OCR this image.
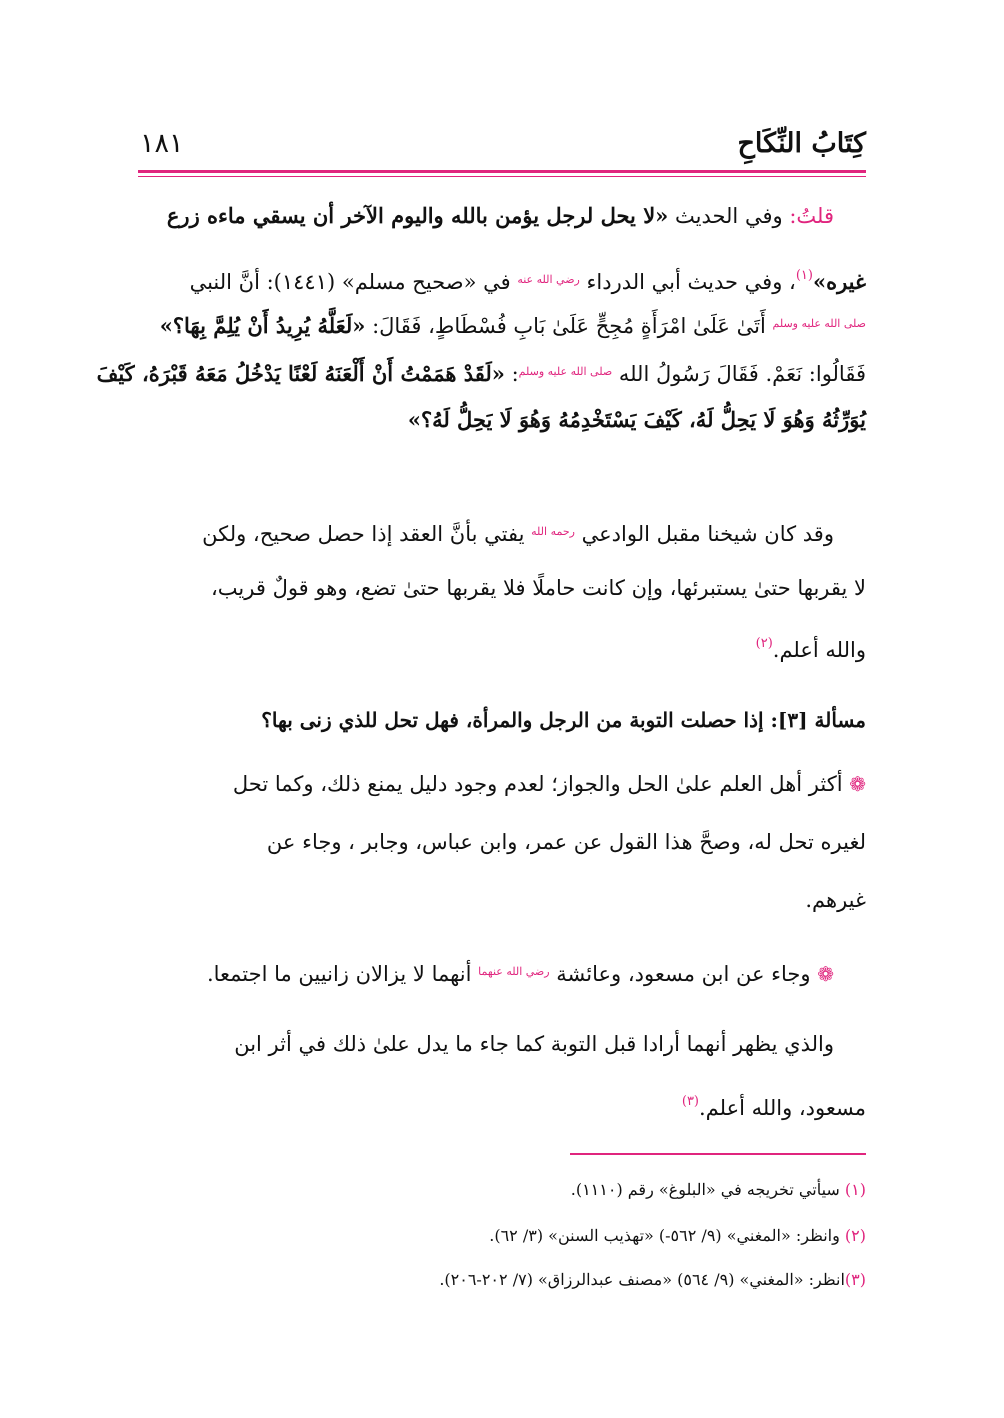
كِتَابُ النِّكَاحِ
١٨١
قلتُ: وفي الحديث «لا يحل لرجل يؤمن بالله واليوم الآخر أن يسقي ماءه زرع
غيره»$^{(١)}$، وفي حديث أبي الدرداء $^{رضي الله عنه}$ في «صحيح مسلم» (١٤٤١): أنَّ النبي
$^{صلى الله عليه وسلم}$ أَتَىٰ عَلَىٰ امْرَأَةٍ مُجِحٍّ عَلَىٰ بَابِ فُسْطَاطٍ، فَقَالَ: «لَعَلَّهُ يُرِيدُ أَنْ يُلِمَّ بِهَا؟»
فَقَالُوا: نَعَمْ. فَقَالَ رَسُولُ الله $^{صلى الله عليه وسلم}$: «لَقَدْ هَمَمْتُ أَنْ أَلْعَنَهُ لَعْنًا يَدْخُلُ مَعَهُ قَبْرَهُ، كَيْفَ
يُوَرِّثُهُ وَهُوَ لَا يَحِلُّ لَهُ، كَيْفَ يَسْتَخْدِمُهُ وَهُوَ لَا يَحِلُّ لَهُ؟»
وقد كان شيخنا مقبل الوادعي $^{رحمه الله}$ يفتي بأنَّ العقد إذا حصل صحيح، ولكن
لا يقربها حتىٰ يستبرئها، وإن كانت حاملًا فلا يقربها حتىٰ تضع، وهو قولٌ قريب،
والله أعلم.$^{(٢)}$
مسألة [٣]: إذا حصلت التوبة من الرجل والمرأة، فهل تحل للذي زنى بها؟
❁ أكثر أهل العلم علىٰ الحل والجواز؛ لعدم وجود دليل يمنع ذلك، وكما تحل
لغيره تحل له، وصحَّ هذا القول عن عمر، وابن عباس، وجابر ، وجاء عن
غيرهم.
❁ وجاء عن ابن مسعود، وعائشة $^{رضي الله عنهما}$ أنهما لا يزالان زانيين ما اجتمعا.
والذي يظهر أنهما أرادا قبل التوبة كما جاء ما يدل علىٰ ذلك في أثر ابن
مسعود، والله أعلم.$^{(٣)}$
(١) سيأتي تخريجه في «البلوغ» رقم (١١١٠).
(٢) وانظر: «المغني» (٩/ ٥٦٢-) «تهذيب السنن» (٣/ ٦٢).
(٣)انظر: «المغني» (٩/ ٥٦٤) «مصنف عبدالرزاق» (٧/ ٢٠٢-٢٠٦).
